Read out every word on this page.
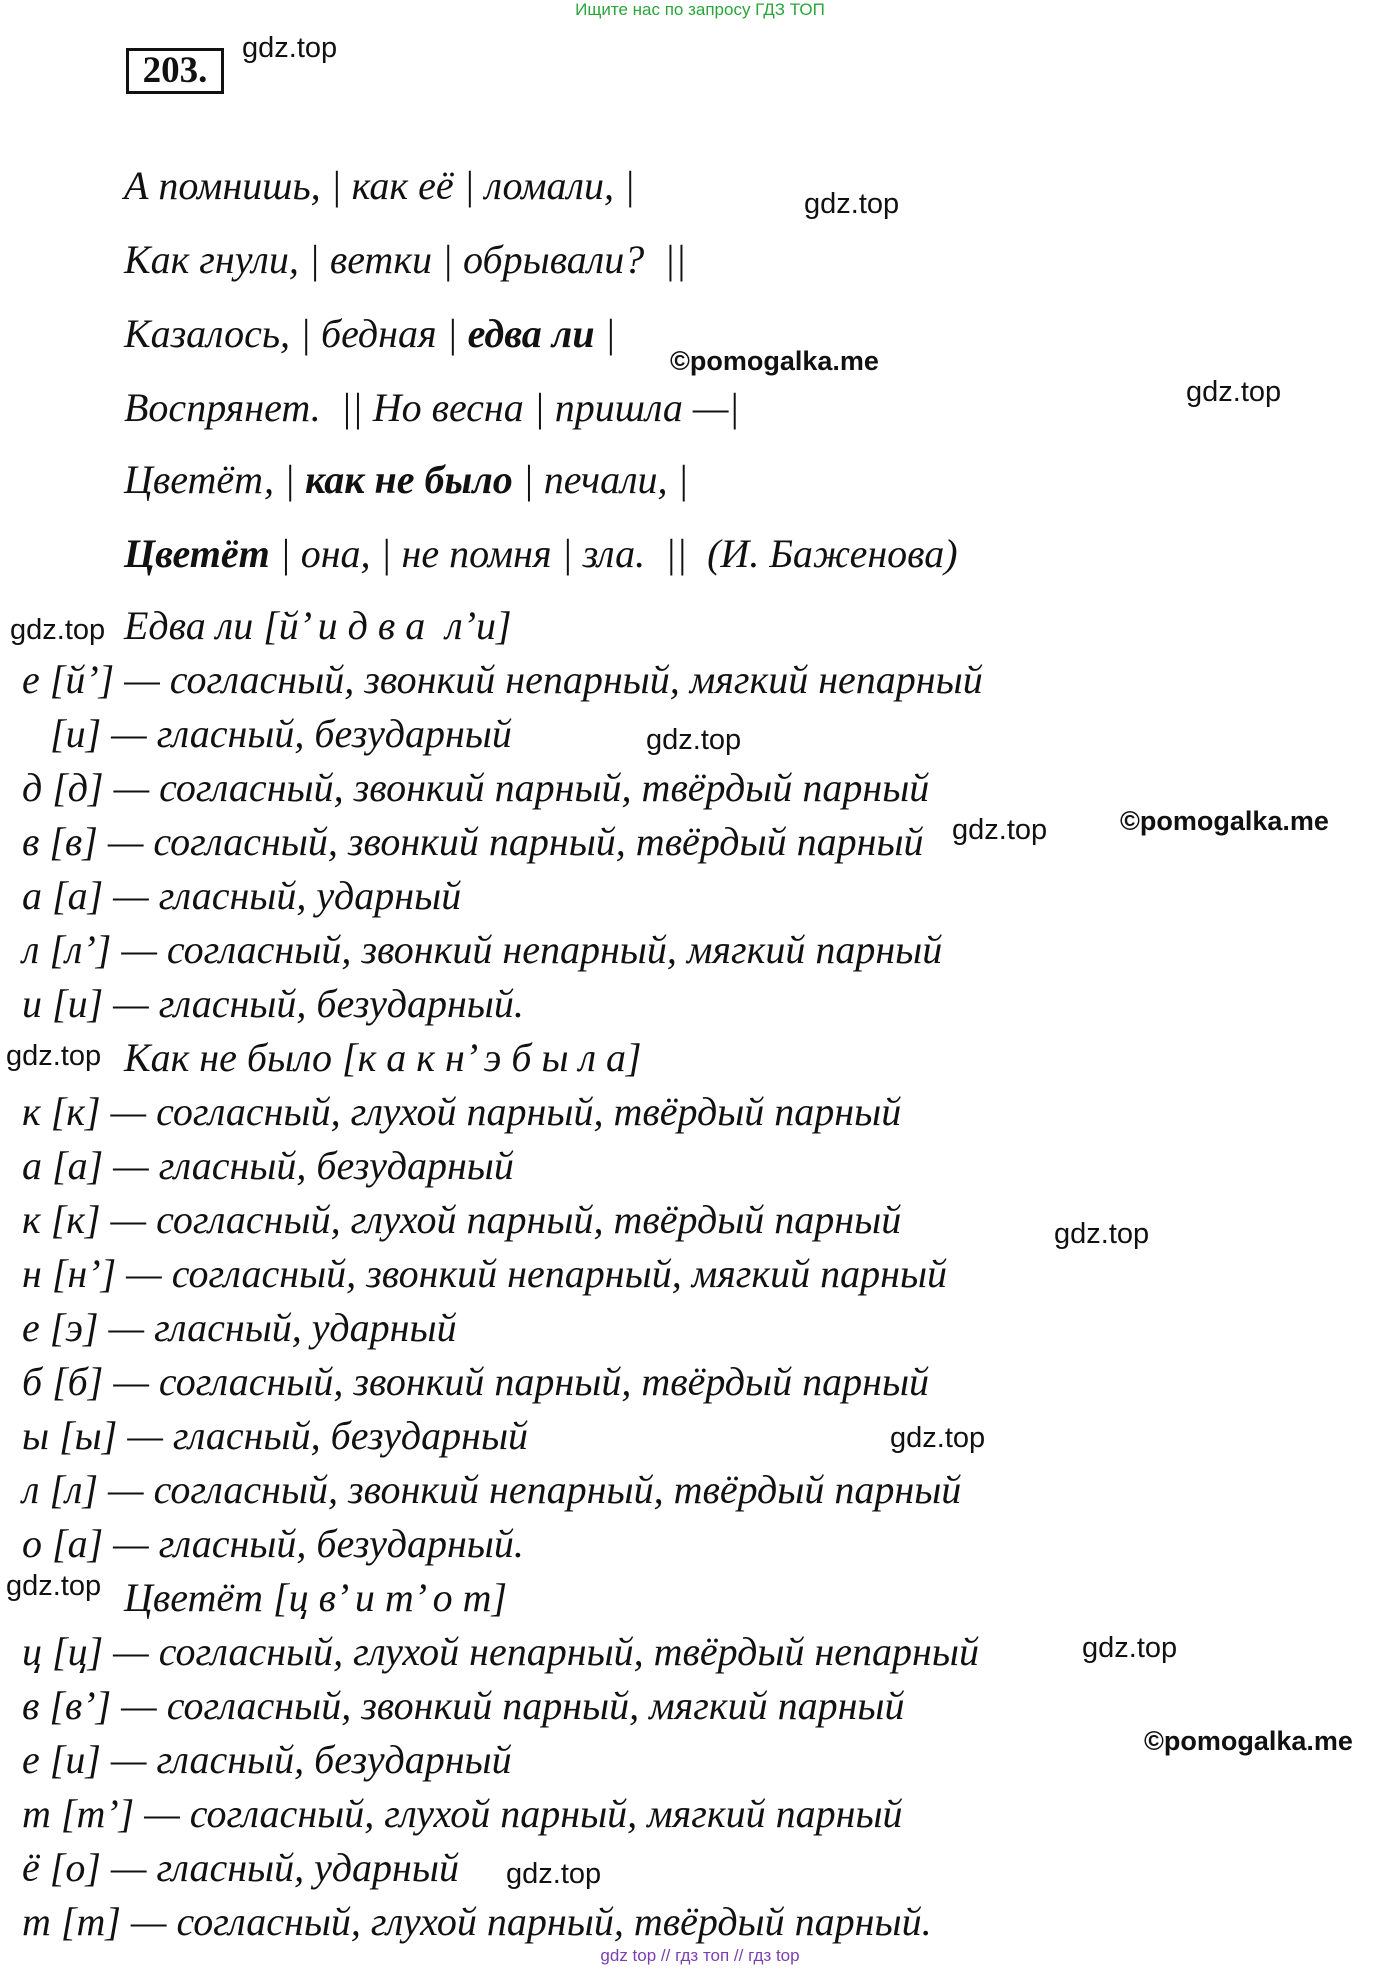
Ищите нас по запросу ГДЗ ТОП
203.
А помнишь, | как её | ломали, |
Как гнули, | ветки | обрывали?  ||
Казалось, | бедная | едва ли |
Воспрянет.  || Но весна | пришла —|
Цветёт, | как не было | печали, |
Цветёт | она, | не помня | зла.  ||  (И. Баженова)
Едва ли [й’ и д в а  л’и]
е [й’] — согласный, звонкий непарный, мягкий непарный
[и] — гласный, безударный
д [д] — согласный, звонкий парный, твёрдый парный
в [в] — согласный, звонкий парный, твёрдый парный
а [а] — гласный, ударный
л [л’] — согласный, звонкий непарный, мягкий парный
и [и] — гласный, безударный.
Как не было [к а к н’ э б ы л а]
к [к] — согласный, глухой парный, твёрдый парный
а [а] — гласный, безударный
к [к] — согласный, глухой парный, твёрдый парный
н [н’] — согласный, звонкий непарный, мягкий парный
е [э] — гласный, ударный
б [б] — согласный, звонкий парный, твёрдый парный
ы [ы] — гласный, безударный
л [л] — согласный, звонкий непарный, твёрдый парный
о [а] — гласный, безударный.
Цветёт [ц в’ и т’ о т]
ц [ц] — согласный, глухой непарный, твёрдый непарный
в [в’] — согласный, звонкий парный, мягкий парный
е [и] — гласный, безударный
т [т’] — согласный, глухой парный, мягкий парный
ё [о] — гласный, ударный
т [т] — согласный, глухой парный, твёрдый парный.
gdz.top
gdz.top
©pomogalka.me
gdz.top
gdz.top
gdz.top
gdz.top	©pomogalka.me
gdz.top
gdz.top
gdz.top
gdz.top
gdz.top
©pomogalka.me
gdz.top
gdz top // гдз топ // гдз top
